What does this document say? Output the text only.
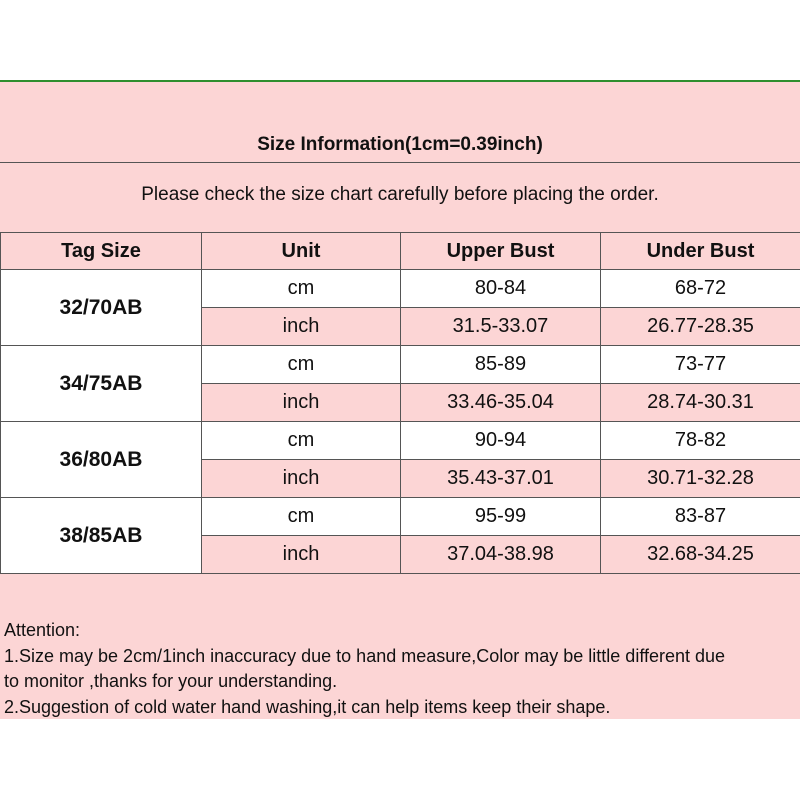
Size Information(1cm=0.39inch)
Please check the size chart carefully before placing the order.
Tag Size	Unit	Upper Bust	Under Bust
32/70AB	cm	80-84	68-72
	inch	31.5-33.07	26.77-28.35
34/75AB	cm	85-89	73-77
	inch	33.46-35.04	28.74-30.31
36/80AB	cm	90-94	78-82
	inch	35.43-37.01	30.71-32.28
38/85AB	cm	95-99	83-87
	inch	37.04-38.98	32.68-34.25
Attention:
1.Size may be 2cm/1inch inaccuracy due to hand measure,Color may be little different due
to monitor ,thanks for your understanding.
2.Suggestion of cold water hand washing,it can help items keep their shape.
